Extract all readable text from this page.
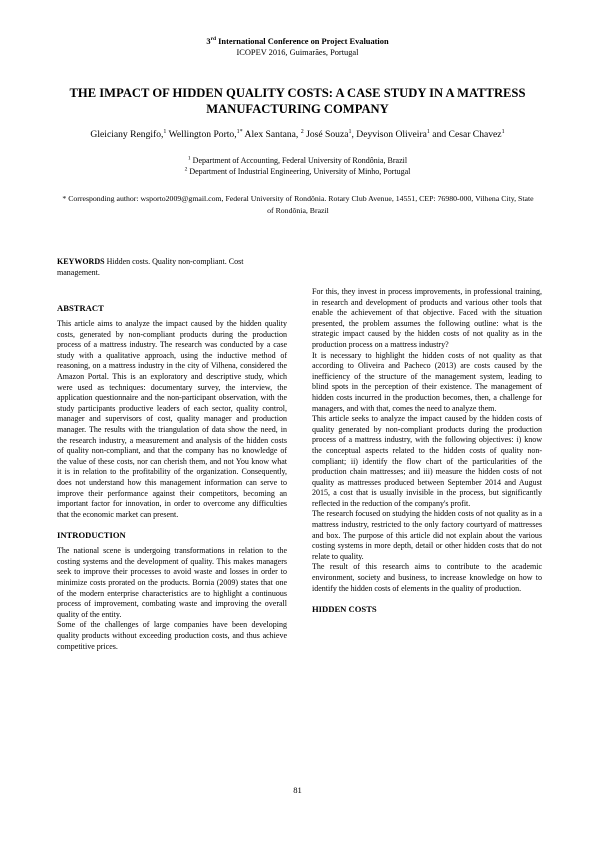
3rd International Conference on Project Evaluation
ICOPEV 2016, Guimarães, Portugal
THE IMPACT OF HIDDEN QUALITY COSTS: A CASE STUDY IN A MATTRESS MANUFACTURING COMPANY
Gleiciany Rengifo,$^1$ Wellington Porto,$^{1*}$ Alex Santana, $^2$ José Souza$^1$, Deyvison Oliveira$^1$ and Cesar Chavez$^1$
$^1$ Department of Accounting, Federal University of Rondônia, Brazil
$^2$ Department of Industrial Engineering, University of Minho, Portugal
* Corresponding author: wsporto2009@gmail.com, Federal University of Rondônia. Rotary Club Avenue, 14551, CEP: 76980-000, Vilhena City, State of Rondônia, Brazil
KEYWORDS Hidden costs. Quality non-compliant. Cost management.
ABSTRACT

This article aims to analyze the impact caused by the hidden quality costs, generated by non-compliant products during the production process of a mattress industry. The research was conducted by a case study with a qualitative approach, using the inductive method of reasoning, on a mattress industry in the city of Vilhena, considered the Amazon Portal. This is an exploratory and descriptive study, which were used as techniques: documentary survey, the interview, the application questionnaire and the non-participant observation, with the study participants productive leaders of each sector, quality control, manager and supervisors of cost, quality manager and production manager. The results with the triangulation of data show the need, in the research industry, a measurement and analysis of the hidden costs of quality non-compliant, and that the company has no knowledge of the value of these costs, nor can cherish them, and not You know what it is in relation to the profitability of the organization. Consequently, does not understand how this management information can serve to improve their performance against their competitors, becoming an important factor for innovation, in order to overcome any difficulties that the economic market can present.

INTRODUCTION

The national scene is undergoing transformations in relation to the costing systems and the development of quality. This makes managers seek to improve their processes to avoid waste and losses in order to minimize costs prorated on the products. Bornia (2009) states that one of the modern enterprise characteristics are to highlight a continuous process of improvement, combating waste and improving the overall quality of the entity.

Some of the challenges of large companies have been developing quality products without exceeding production costs, and thus achieve competitive prices.

For this, they invest in process improvements, in professional training, in research and development of products and various other tools that enable the achievement of that objective. Faced with the situation presented, the problem assumes the following outline: what is the strategic impact caused by the hidden costs of not quality as in the production process on a mattress industry?

It is necessary to highlight the hidden costs of not quality as that according to Oliveira and Pacheco (2013) are costs caused by the inefficiency of the structure of the management system, leading to blind spots in the perception of their existence. The management of hidden costs incurred in the production becomes, then, a challenge for managers, and with that, comes the need to analyze them.

This article seeks to analyze the impact caused by the hidden costs of quality generated by non-compliant products during the production process of a mattress industry, with the following objectives: i) know the conceptual aspects related to the hidden costs of quality non-compliant; ii) identify the flow chart of the particularities of the production chain mattresses; and iii) measure the hidden costs of not quality as mattresses produced between September 2014 and August 2015, a cost that is usually invisible in the process, but significantly reflected in the reduction of the company's profit.

The research focused on studying the hidden costs of not quality as in a mattress industry, restricted to the only factory courtyard of mattresses and box. The purpose of this article did not explain about the various costing systems in more depth, detail or other hidden costs that do not relate to quality.

The result of this research aims to contribute to the academic environment, society and business, to increase knowledge on how to identify the hidden costs of elements in the quality of production.

HIDDEN COSTS
81
